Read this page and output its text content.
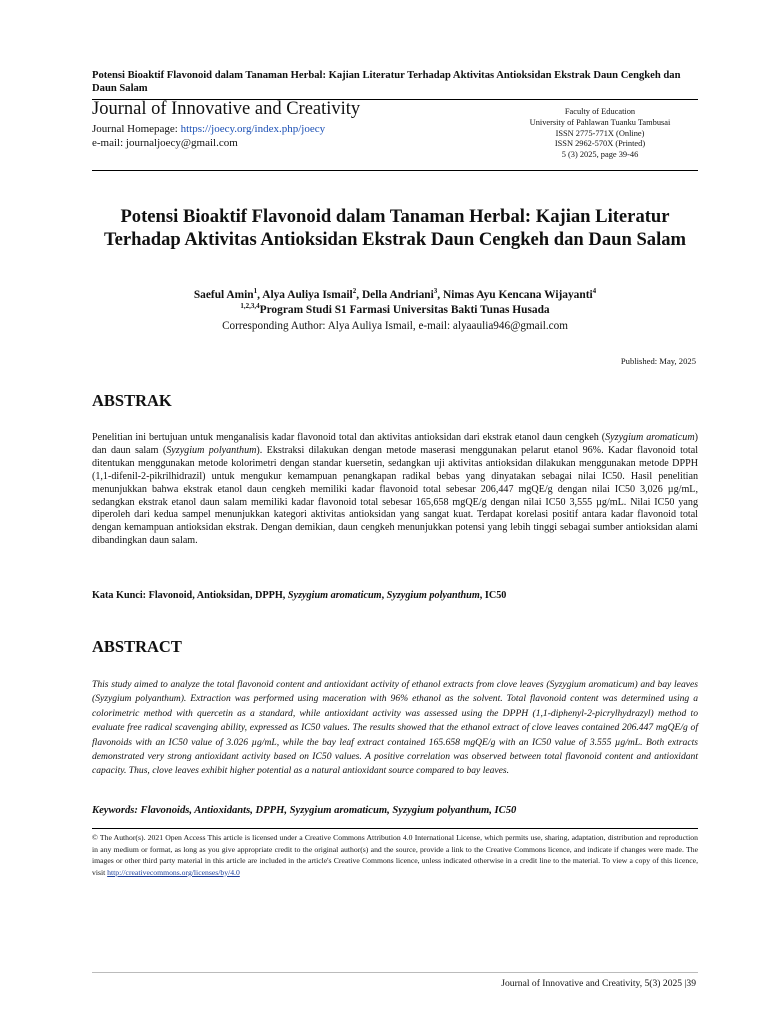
Potensi Bioaktif Flavonoid dalam Tanaman Herbal: Kajian Literatur Terhadap Aktivitas Antioksidan Ekstrak Daun Cengkeh dan Daun Salam
Journal of Innovative and Creativity
Journal Homepage: https://joecy.org/index.php/joecy
e-mail: journaljoecy@gmail.com
Faculty of Education
University of Pahlawan Tuanku Tambusai
ISSN 2775-771X (Online)
ISSN 2962-570X (Printed)
5 (3) 2025, page 39-46
Potensi Bioaktif Flavonoid dalam Tanaman Herbal: Kajian Literatur Terhadap Aktivitas Antioksidan Ekstrak Daun Cengkeh dan Daun Salam
Saeful Amin$^1$, Alya Auliya Ismail$^2$, Della Andriani$^3$, Nimas Ayu Kencana Wijayanti$^4$
$^{1,2,3,4}$Program Studi S1 Farmasi Universitas Bakti Tunas Husada
Corresponding Author: Alya Auliya Ismail, e-mail: alyaaulia946@gmail.com
Published: May, 2025
ABSTRAK
Penelitian ini bertujuan untuk menganalisis kadar flavonoid total dan aktivitas antioksidan dari ekstrak etanol daun cengkeh (Syzygium aromaticum) dan daun salam (Syzygium polyanthum). Ekstraksi dilakukan dengan metode maserasi menggunakan pelarut etanol 96%. Kadar flavonoid total ditentukan menggunakan metode kolorimetri dengan standar kuersetin, sedangkan uji aktivitas antioksidan dilakukan menggunakan metode DPPH (1,1-difenil-2-pikrilhidrazil) untuk mengukur kemampuan penangkapan radikal bebas yang dinyatakan sebagai nilai IC50. Hasil penelitian menunjukkan bahwa ekstrak etanol daun cengkeh memiliki kadar flavonoid total sebesar 206,447 mgQE/g dengan nilai IC50 3,026 µg/mL, sedangkan ekstrak etanol daun salam memiliki kadar flavonoid total sebesar 165,658 mgQE/g dengan nilai IC50 3,555 µg/mL. Nilai IC50 yang diperoleh dari kedua sampel menunjukkan kategori aktivitas antioksidan yang sangat kuat. Terdapat korelasi positif antara kadar flavonoid total dengan kemampuan antioksidan ekstrak. Dengan demikian, daun cengkeh menunjukkan potensi yang lebih tinggi sebagai sumber antioksidan alami dibandingkan daun salam.
Kata Kunci: Flavonoid, Antioksidan, DPPH, Syzygium aromaticum, Syzygium polyanthum, IC50
ABSTRACT
This study aimed to analyze the total flavonoid content and antioxidant activity of ethanol extracts from clove leaves (Syzygium aromaticum) and bay leaves (Syzygium polyanthum). Extraction was performed using maceration with 96% ethanol as the solvent. Total flavonoid content was determined using a colorimetric method with quercetin as a standard, while antioxidant activity was assessed using the DPPH (1,1-diphenyl-2-picrylhydrazyl) method to evaluate free radical scavenging ability, expressed as IC50 values. The results showed that the ethanol extract of clove leaves contained 206.447 mgQE/g of flavonoids with an IC50 value of 3.026 µg/mL, while the bay leaf extract contained 165.658 mgQE/g with an IC50 value of 3.555 µg/mL. Both extracts demonstrated very strong antioxidant activity based on IC50 values. A positive correlation was observed between total flavonoid content and antioxidant capacity. Thus, clove leaves exhibit higher potential as a natural antioxidant source compared to bay leaves.
Keywords: Flavonoids, Antioxidants, DPPH, Syzygium aromaticum, Syzygium polyanthum, IC50
© The Author(s). 2021 Open Access This article is licensed under a Creative Commons Attribution 4.0 International License, which permits use, sharing, adaptation, distribution and reproduction in any medium or format, as long as you give appropriate credit to the original author(s) and the source, provide a link to the Creative Commons licence, and indicate if changes were made. The images or other third party material in this article are included in the article's Creative Commons licence, unless indicated otherwise in a credit line to the material. To view a copy of this licence, visit http://creativecommons.org/licenses/by/4.0
Journal of Innovative and Creativity, 5(3) 2025 |39
